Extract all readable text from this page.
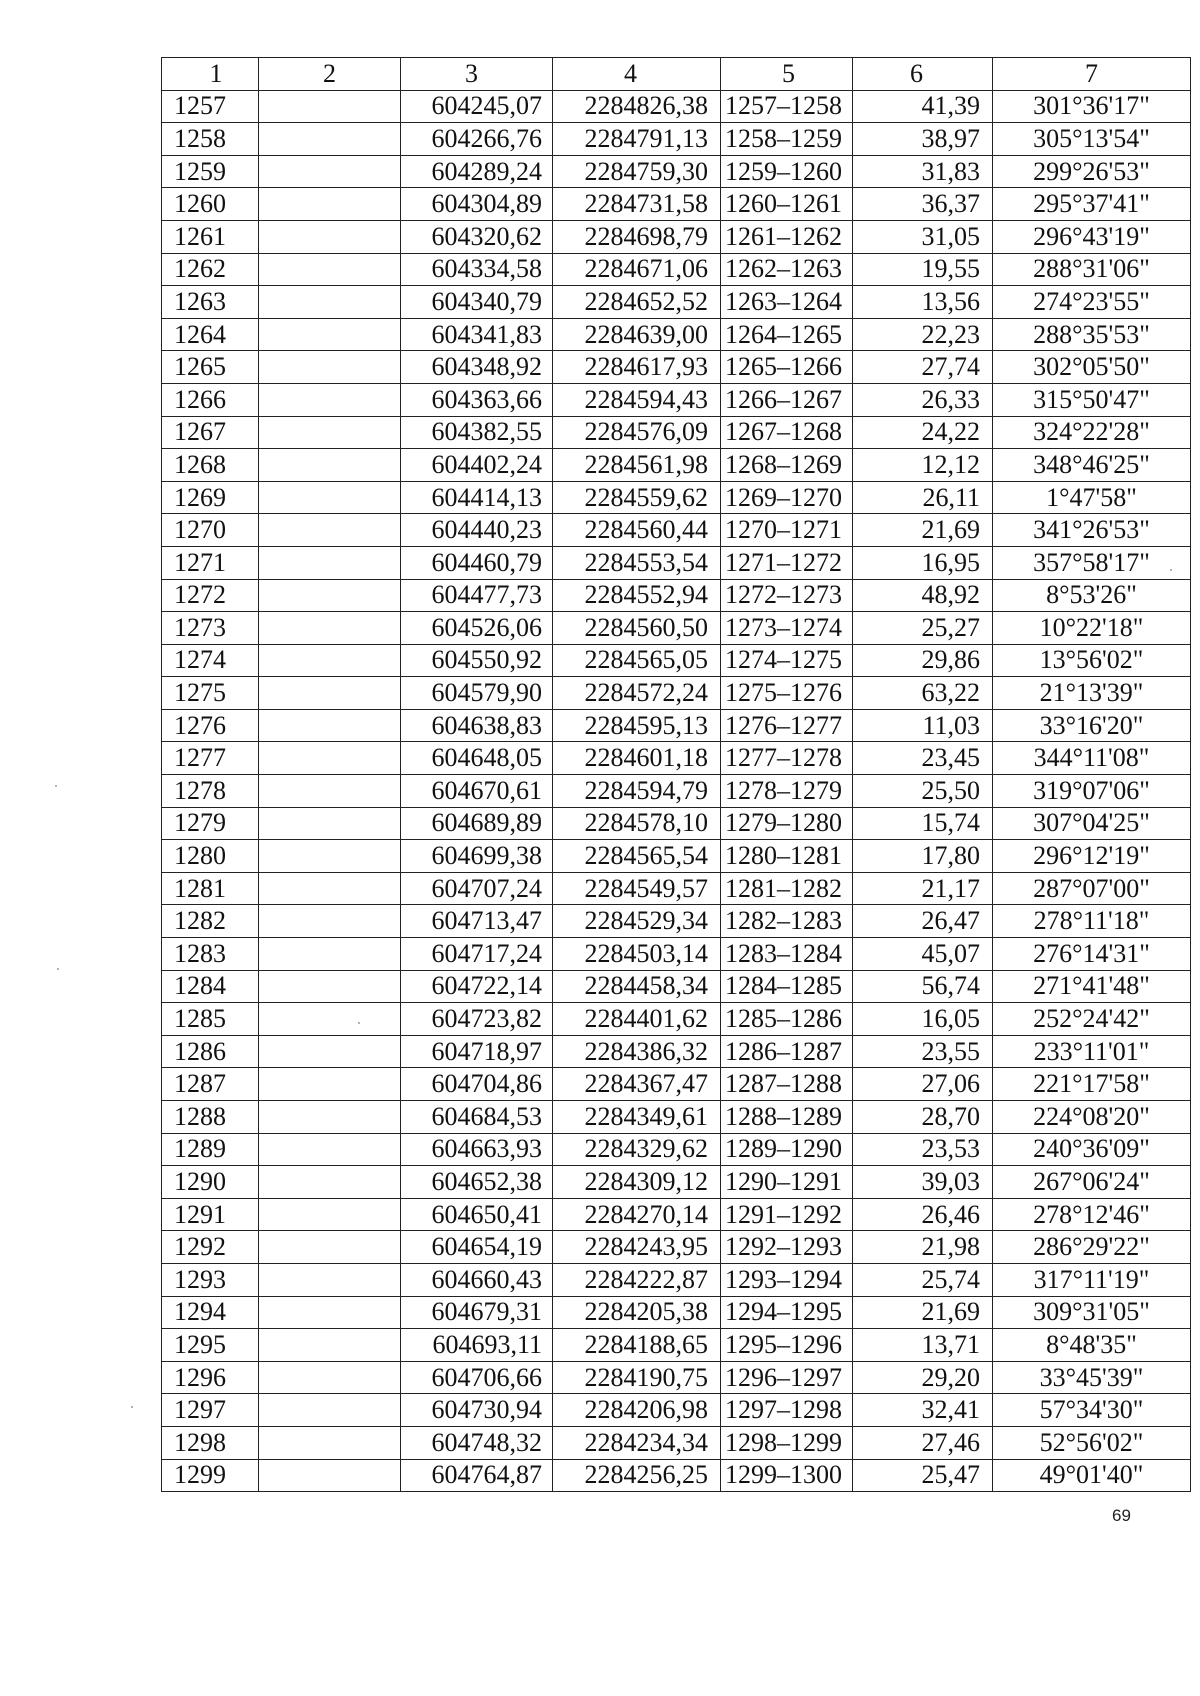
1	2	3	4	5	6	7
1257		604245,07	2284826,38	1257–1258	41,39	301°36'17"
1258		604266,76	2284791,13	1258–1259	38,97	305°13'54"
1259		604289,24	2284759,30	1259–1260	31,83	299°26'53"
1260		604304,89	2284731,58	1260–1261	36,37	295°37'41"
1261		604320,62	2284698,79	1261–1262	31,05	296°43'19"
1262		604334,58	2284671,06	1262–1263	19,55	288°31'06"
1263		604340,79	2284652,52	1263–1264	13,56	274°23'55"
1264		604341,83	2284639,00	1264–1265	22,23	288°35'53"
1265		604348,92	2284617,93	1265–1266	27,74	302°05'50"
1266		604363,66	2284594,43	1266–1267	26,33	315°50'47"
1267		604382,55	2284576,09	1267–1268	24,22	324°22'28"
1268		604402,24	2284561,98	1268–1269	12,12	348°46'25"
1269		604414,13	2284559,62	1269–1270	26,11	1°47'58"
1270		604440,23	2284560,44	1270–1271	21,69	341°26'53"
1271		604460,79	2284553,54	1271–1272	16,95	357°58'17"
1272		604477,73	2284552,94	1272–1273	48,92	8°53'26"
1273		604526,06	2284560,50	1273–1274	25,27	10°22'18"
1274		604550,92	2284565,05	1274–1275	29,86	13°56'02"
1275		604579,90	2284572,24	1275–1276	63,22	21°13'39"
1276		604638,83	2284595,13	1276–1277	11,03	33°16'20"
1277		604648,05	2284601,18	1277–1278	23,45	344°11'08"
1278		604670,61	2284594,79	1278–1279	25,50	319°07'06"
1279		604689,89	2284578,10	1279–1280	15,74	307°04'25"
1280		604699,38	2284565,54	1280–1281	17,80	296°12'19"
1281		604707,24	2284549,57	1281–1282	21,17	287°07'00"
1282		604713,47	2284529,34	1282–1283	26,47	278°11'18"
1283		604717,24	2284503,14	1283–1284	45,07	276°14'31"
1284		604722,14	2284458,34	1284–1285	56,74	271°41'48"
1285		604723,82	2284401,62	1285–1286	16,05	252°24'42"
1286		604718,97	2284386,32	1286–1287	23,55	233°11'01"
1287		604704,86	2284367,47	1287–1288	27,06	221°17'58"
1288		604684,53	2284349,61	1288–1289	28,70	224°08'20"
1289		604663,93	2284329,62	1289–1290	23,53	240°36'09"
1290		604652,38	2284309,12	1290–1291	39,03	267°06'24"
1291		604650,41	2284270,14	1291–1292	26,46	278°12'46"
1292		604654,19	2284243,95	1292–1293	21,98	286°29'22"
1293		604660,43	2284222,87	1293–1294	25,74	317°11'19"
1294		604679,31	2284205,38	1294–1295	21,69	309°31'05"
1295		604693,11	2284188,65	1295–1296	13,71	8°48'35"
1296		604706,66	2284190,75	1296–1297	29,20	33°45'39"
1297		604730,94	2284206,98	1297–1298	32,41	57°34'30"
1298		604748,32	2284234,34	1298–1299	27,46	52°56'02"
1299		604764,87	2284256,25	1299–1300	25,47	49°01'40"
69
